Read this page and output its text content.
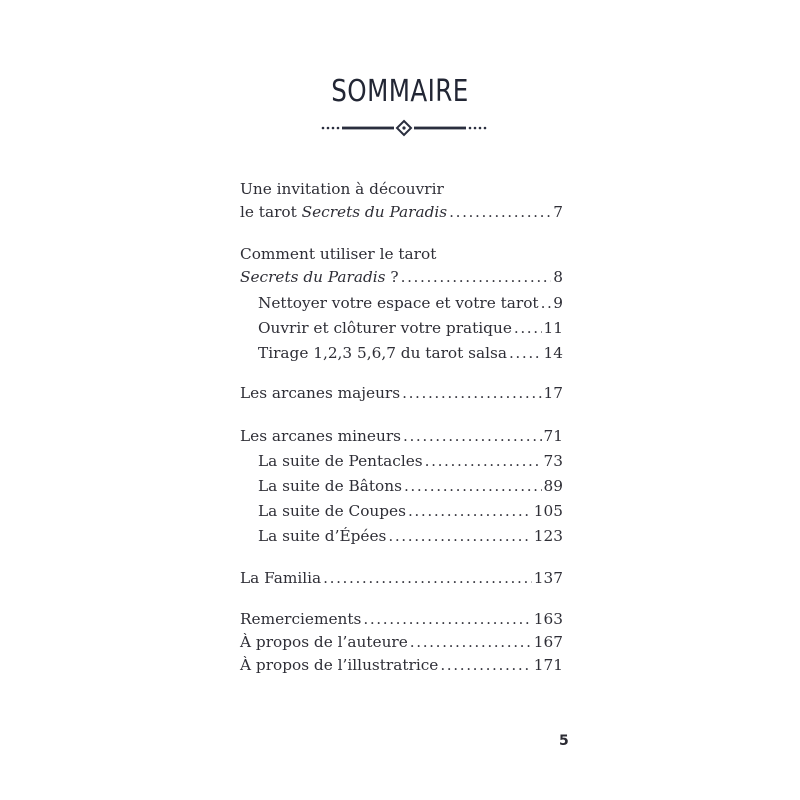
SOMMAIRE
Une invitation à découvrir
le tarot Secrets du Paradis .....	7
Comment utiliser le tarot
Secrets du Paradis ? .....	8
Nettoyer votre espace et votre tarot ..... 9
Ouvrir et clôturer votre pratique ..... 11
Tirage 1,2,3 5,6,7 du tarot salsa ..... 14
Les arcanes majeurs .....	17
Les arcanes mineurs .....	71
La suite de Pentacles .....	73
La suite de Bâtons .....	89
La suite de Coupes .....	105
La suite d’Épées .....	123
La Familia .....	137
Remerciements .....	163
À propos de l’auteure .....	167
À propos de l’illustratrice .....	171
5
